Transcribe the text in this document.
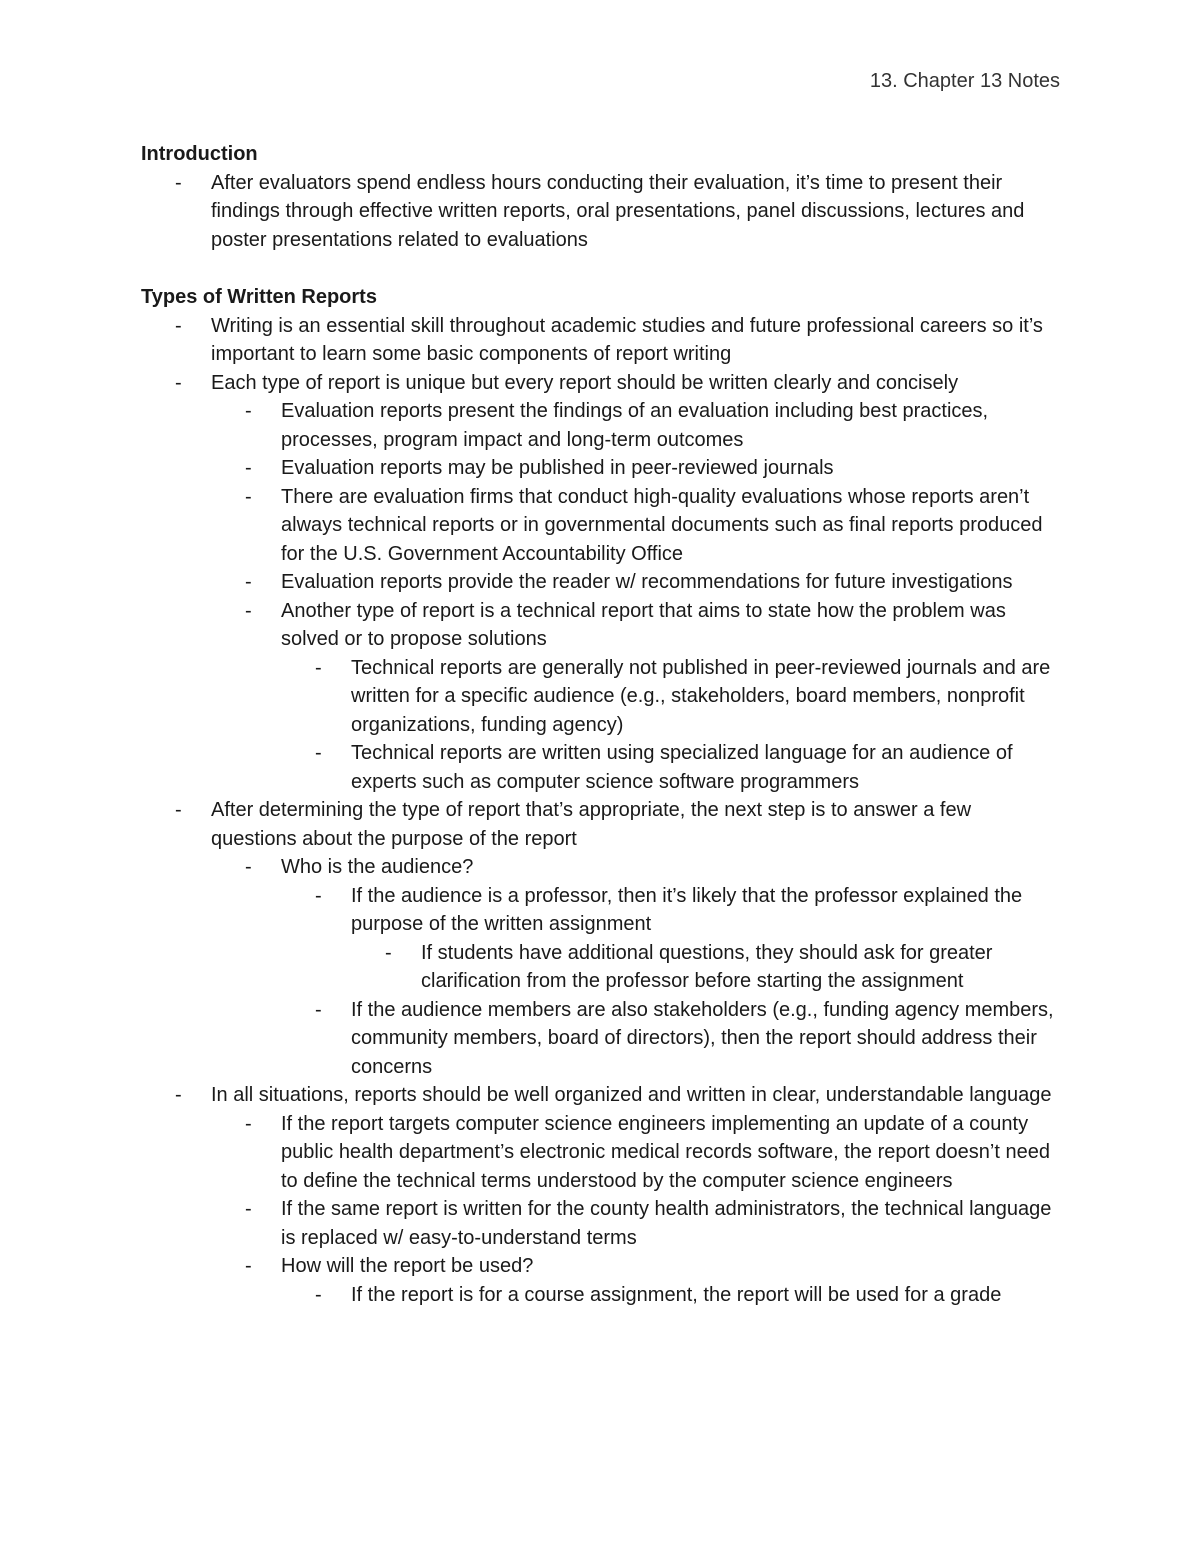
13. Chapter 13 Notes
Introduction
- After evaluators spend endless hours conducting their evaluation, it’s time to present their findings through effective written reports, oral presentations, panel discussions, lectures and poster presentations related to evaluations
Types of Written Reports
- Writing is an essential skill throughout academic studies and future professional careers so it’s important to learn some basic components of report writing
- Each type of report is unique but every report should be written clearly and concisely
- Evaluation reports present the findings of an evaluation including best practices, processes, program impact and long-term outcomes
- Evaluation reports may be published in peer-reviewed journals
- There are evaluation firms that conduct high-quality evaluations whose reports aren’t always technical reports or in governmental documents such as final reports produced for the U.S. Government Accountability Office
- Evaluation reports provide the reader w/ recommendations for future investigations
- Another type of report is a technical report that aims to state how the problem was solved or to propose solutions
- Technical reports are generally not published in peer-reviewed journals and are written for a specific audience (e.g., stakeholders, board members, nonprofit organizations, funding agency)
- Technical reports are written using specialized language for an audience of experts such as computer science software programmers
- After determining the type of report that’s appropriate, the next step is to answer a few questions about the purpose of the report
- Who is the audience?
- If the audience is a professor, then it’s likely that the professor explained the purpose of the written assignment
- If students have additional questions, they should ask for greater clarification from the professor before starting the assignment
- If the audience members are also stakeholders (e.g., funding agency members, community members, board of directors), then the report should address their concerns
- In all situations, reports should be well organized and written in clear, understandable language
- If the report targets computer science engineers implementing an update of a county public health department’s electronic medical records software, the report doesn’t need to define the technical terms understood by the computer science engineers
- If the same report is written for the county health administrators, the technical language is replaced w/ easy-to-understand terms
- How will the report be used?
- If the report is for a course assignment, the report will be used for a grade
